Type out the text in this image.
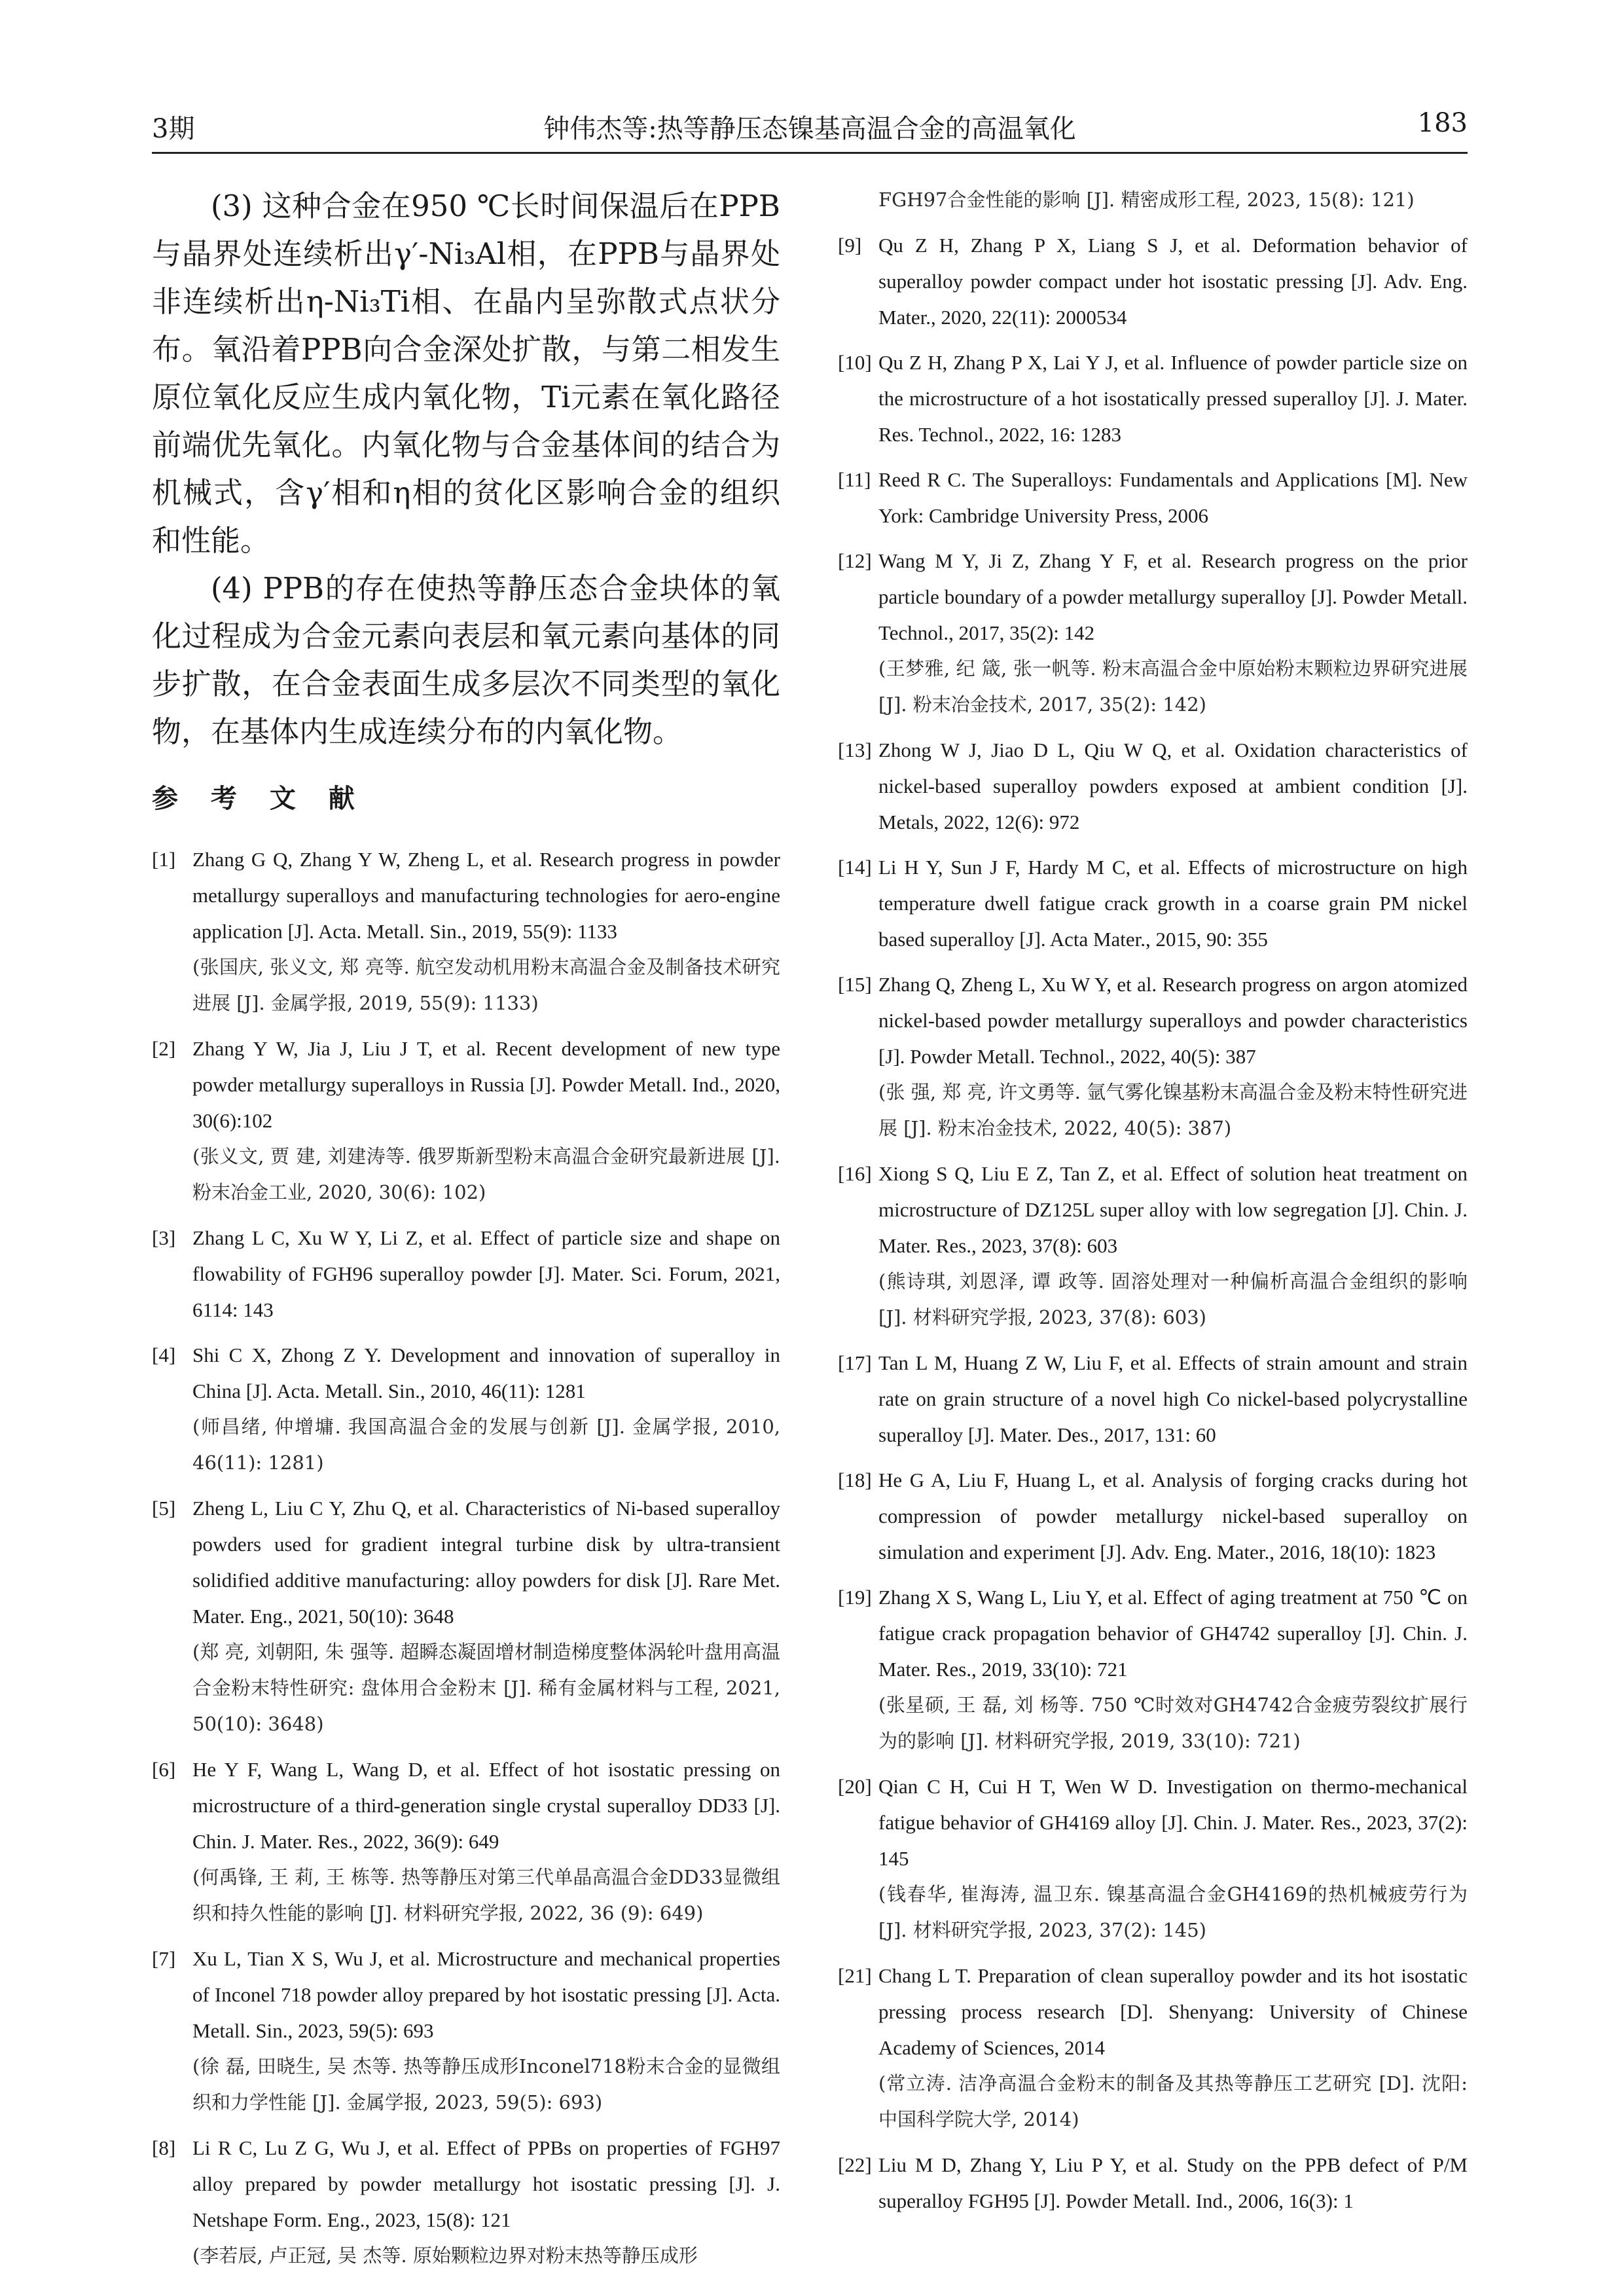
3期	钟伟杰等:热等静压态镍基高温合金的高温氧化	183

(3) 这种合金在950 ℃长时间保温后在PPB与晶界处连续析出γ′-Ni₃Al相，在PPB与晶界处非连续析出η-Ni₃Ti相、在晶内呈弥散式点状分布。氧沿着PPB向合金深处扩散，与第二相发生原位氧化反应生成内氧化物，Ti元素在氧化路径前端优先氧化。内氧化物与合金基体间的结合为机械式，含γ′相和η相的贫化区影响合金的组织和性能。

(4) PPB的存在使热等静压态合金块体的氧化过程成为合金元素向表层和氧元素向基体的同步扩散，在合金表面生成多层次不同类型的氧化物，在基体内生成连续分布的内氧化物。

参 考 文 献
[1] Zhang G Q, Zhang Y W, Zheng L, et al. Research progress in powder metallurgy superalloys and manufacturing technologies for aero-engine application [J]. Acta. Metall. Sin., 2019, 55(9): 1133
(张国庆, 张义文, 郑 亮等. 航空发动机用粉末高温合金及制备技术研究进展 [J]. 金属学报, 2019, 55(9): 1133)
[2] Zhang Y W, Jia J, Liu J T, et al. Recent development of new type powder metallurgy superalloys in Russia [J]. Powder Metall. Ind., 2020, 30(6):102
(张义文, 贾 建, 刘建涛等. 俄罗斯新型粉末高温合金研究最新进展 [J]. 粉末冶金工业, 2020, 30(6): 102)
[3] Zhang L C, Xu W Y, Li Z, et al. Effect of particle size and shape on flowability of FGH96 superalloy powder [J]. Mater. Sci. Forum, 2021, 6114: 143
[4] Shi C X, Zhong Z Y. Development and innovation of superalloy in China [J]. Acta. Metall. Sin., 2010, 46(11): 1281
(师昌绪, 仲增墉. 我国高温合金的发展与创新 [J]. 金属学报, 2010, 46(11): 1281)
[5] Zheng L, Liu C Y, Zhu Q, et al. Characteristics of Ni-based superalloy powders used for gradient integral turbine disk by ultra-transient solidified additive manufacturing: alloy powders for disk [J]. Rare Met. Mater. Eng., 2021, 50(10): 3648
(郑 亮, 刘朝阳, 朱 强等. 超瞬态凝固增材制造梯度整体涡轮叶盘用高温合金粉末特性研究: 盘体用合金粉末 [J]. 稀有金属材料与工程, 2021, 50(10): 3648)
[6] He Y F, Wang L, Wang D, et al. Effect of hot isostatic pressing on microstructure of a third-generation single crystal superalloy DD33 [J]. Chin. J. Mater. Res., 2022, 36(9): 649
(何禹锋, 王 莉, 王 栋等. 热等静压对第三代单晶高温合金DD33显微组织和持久性能的影响 [J]. 材料研究学报, 2022, 36 (9): 649)
[7] Xu L, Tian X S, Wu J, et al. Microstructure and mechanical properties of Inconel 718 powder alloy prepared by hot isostatic pressing [J]. Acta. Metall. Sin., 2023, 59(5): 693
(徐 磊, 田晓生, 吴 杰等. 热等静压成形Inconel718粉末合金的显微组织和力学性能 [J]. 金属学报, 2023, 59(5): 693)
[8] Li R C, Lu Z G, Wu J, et al. Effect of PPBs on properties of FGH97 alloy prepared by powder metallurgy hot isostatic pressing [J]. J. Netshape Form. Eng., 2023, 15(8): 121
(李若辰, 卢正冠, 吴 杰等. 原始颗粒边界对粉末热等静压成形
FGH97合金性能的影响 [J]. 精密成形工程, 2023, 15(8): 121)
[9] Qu Z H, Zhang P X, Liang S J, et al. Deformation behavior of superalloy powder compact under hot isostatic pressing [J]. Adv. Eng. Mater., 2020, 22(11): 2000534
[10] Qu Z H, Zhang P X, Lai Y J, et al. Influence of powder particle size on the microstructure of a hot isostatically pressed superalloy [J]. J. Mater. Res. Technol., 2022, 16: 1283
[11] Reed R C. The Superalloys: Fundamentals and Applications [M]. New York: Cambridge University Press, 2006
[12] Wang M Y, Ji Z, Zhang Y F, et al. Research progress on the prior particle boundary of a powder metallurgy superalloy [J]. Powder Metall. Technol., 2017, 35(2): 142
(王梦雅, 纪 箴, 张一帆等. 粉末高温合金中原始粉末颗粒边界研究进展 [J]. 粉末冶金技术, 2017, 35(2): 142)
[13] Zhong W J, Jiao D L, Qiu W Q, et al. Oxidation characteristics of nickel-based superalloy powders exposed at ambient condition [J]. Metals, 2022, 12(6): 972
[14] Li H Y, Sun J F, Hardy M C, et al. Effects of microstructure on high temperature dwell fatigue crack growth in a coarse grain PM nickel based superalloy [J]. Acta Mater., 2015, 90: 355
[15] Zhang Q, Zheng L, Xu W Y, et al. Research progress on argon atomized nickel-based powder metallurgy superalloys and powder characteristics [J]. Powder Metall. Technol., 2022, 40(5): 387
(张 强, 郑 亮, 许文勇等. 氩气雾化镍基粉末高温合金及粉末特性研究进展 [J]. 粉末冶金技术, 2022, 40(5): 387)
[16] Xiong S Q, Liu E Z, Tan Z, et al. Effect of solution heat treatment on microstructure of DZ125L super alloy with low segregation [J]. Chin. J. Mater. Res., 2023, 37(8): 603
(熊诗琪, 刘恩泽, 谭 政等. 固溶处理对一种偏析高温合金组织的影响 [J]. 材料研究学报, 2023, 37(8): 603)
[17] Tan L M, Huang Z W, Liu F, et al. Effects of strain amount and strain rate on grain structure of a novel high Co nickel-based polycrystalline superalloy [J]. Mater. Des., 2017, 131: 60
[18] He G A, Liu F, Huang L, et al. Analysis of forging cracks during hot compression of powder metallurgy nickel-based superalloy on simulation and experiment [J]. Adv. Eng. Mater., 2016, 18(10): 1823
[19] Zhang X S, Wang L, Liu Y, et al. Effect of aging treatment at 750 ℃ on fatigue crack propagation behavior of GH4742 superalloy [J]. Chin. J. Mater. Res., 2019, 33(10): 721
(张星硕, 王 磊, 刘 杨等. 750 ℃时效对GH4742合金疲劳裂纹扩展行为的影响 [J]. 材料研究学报, 2019, 33(10): 721)
[20] Qian C H, Cui H T, Wen W D. Investigation on thermo-mechanical fatigue behavior of GH4169 alloy [J]. Chin. J. Mater. Res., 2023, 37(2): 145
(钱春华, 崔海涛, 温卫东. 镍基高温合金GH4169的热机械疲劳行为 [J]. 材料研究学报, 2023, 37(2): 145)
[21] Chang L T. Preparation of clean superalloy powder and its hot isostatic pressing process research [D]. Shenyang: University of Chinese Academy of Sciences, 2014
(常立涛. 洁净高温合金粉末的制备及其热等静压工艺研究 [D]. 沈阳: 中国科学院大学, 2014)
[22] Liu M D, Zhang Y, Liu P Y, et al. Study on the PPB defect of P/M superalloy FGH95 [J]. Powder Metall. Ind., 2006, 16(3): 1
